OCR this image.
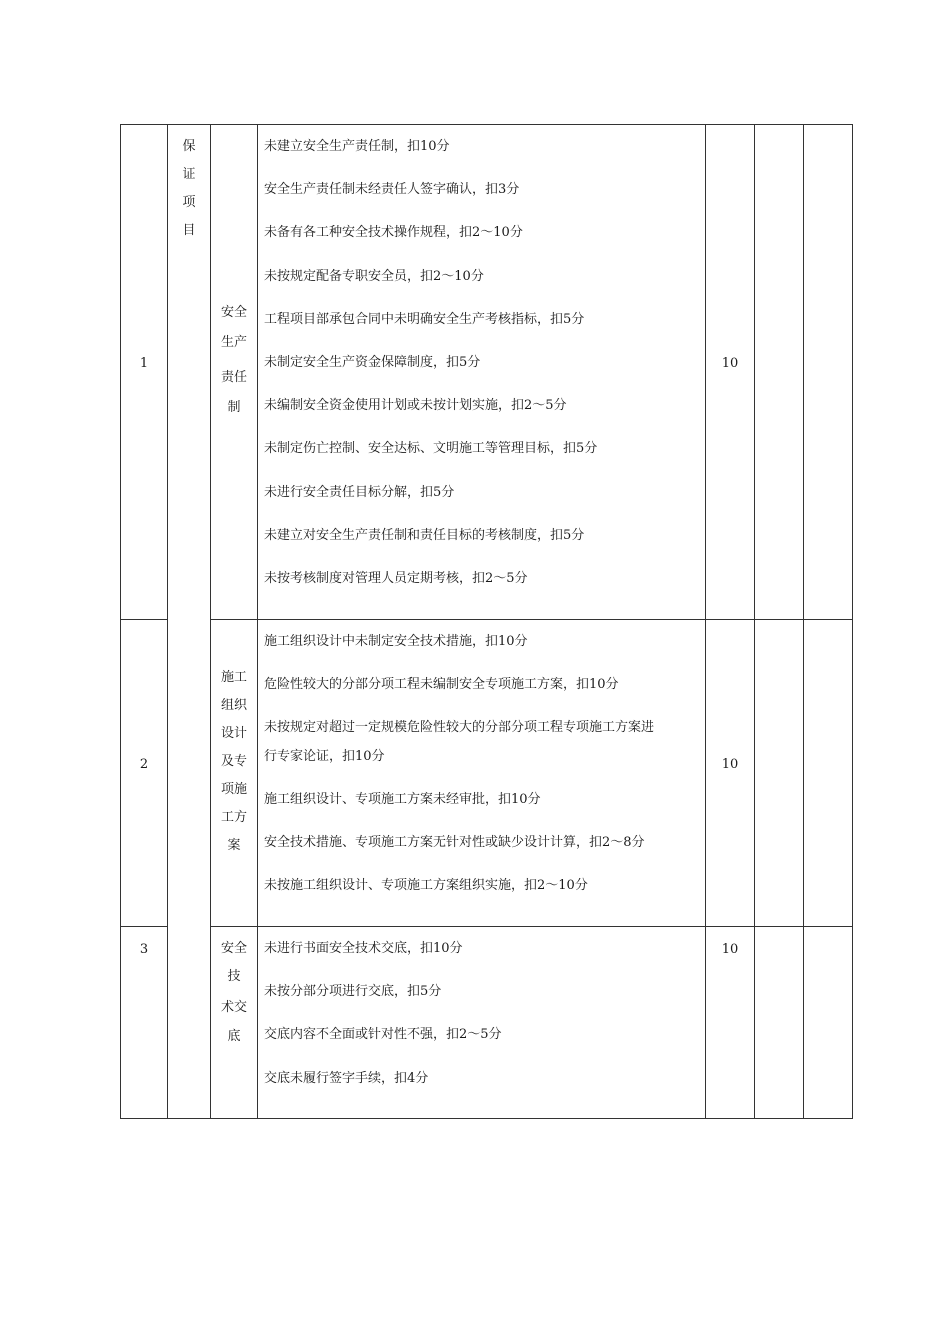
保
证
项
目
1
安全
生产
责任
制
未建立安全生产责任制，扣10分
安全生产责任制未经责任人签字确认，扣3分
未备有各工种安全技术操作规程，扣2～10分
未按规定配备专职安全员，扣2～10分
工程项目部承包合同中未明确安全生产考核指标，扣5分
未制定安全生产资金保障制度，扣5分
未编制安全资金使用计划或未按计划实施，扣2～5分
未制定伤亡控制、安全达标、文明施工等管理目标，扣5分
未进行安全责任目标分解，扣5分
未建立对安全生产责任制和责任目标的考核制度，扣5分
未按考核制度对管理人员定期考核，扣2～5分
10
2
施工
组织
设计
及专
项施
工方
案
施工组织设计中未制定安全技术措施，扣10分
危险性较大的分部分项工程未编制安全专项施工方案，扣10分
未按规定对超过一定规模危险性较大的分部分项工程专项施工方案进
行专家论证，扣10分
施工组织设计、专项施工方案未经审批，扣10分
安全技术措施、专项施工方案无针对性或缺少设计计算，扣2～8分
未按施工组织设计、专项施工方案组织实施，扣2～10分
10
3	安全
技
术交
底
未进行书面安全技术交底，扣10分
未按分部分项进行交底，扣5分
交底内容不全面或针对性不强，扣2～5分
交底未履行签字手续，扣4分
10
